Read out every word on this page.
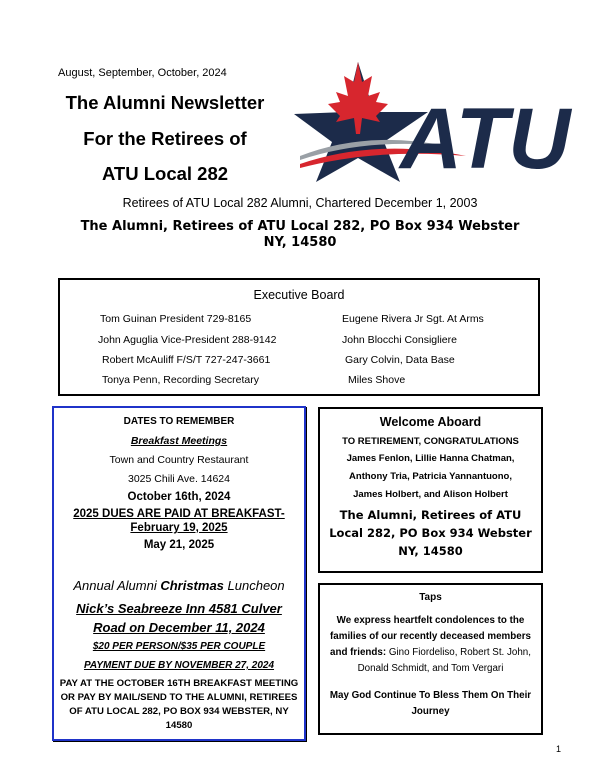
August, September, October, 2024
The Alumni Newsletter
For the Retirees of
ATU Local 282	ATU
Retirees of ATU Local 282 Alumni, Chartered December 1, 2003
The Alumni, Retirees of ATU Local 282, PO Box 934 Webster NY, 14580
Executive Board
Tom Guinan President 729-8165
John Aguglia Vice-President 288-9142
Robert McAuliff F/S/T 727-247-3661
Tonya Penn, Recording Secretary
Eugene Rivera Jr Sgt. At Arms
John Blocchi Consigliere
Gary Colvin, Data Base
Miles Shove
DATES TO REMEMBER
Breakfast Meetings
Town and Country Restaurant
3025 Chili Ave. 14624
October 16th, 2024
2025 DUES ARE PAID AT BREAKFAST-
February 19, 2025
May 21, 2025
Annual Alumni Christmas Luncheon
Nick’s Seabreeze Inn 4581 Culver Road on December 11, 2024
$20 PER PERSON/$35 PER COUPLE
PAYMENT DUE BY NOVEMBER 27, 2024
PAY AT THE OCTOBER 16TH BREAKFAST MEETING OR PAY BY MAIL/SEND TO THE ALUMNI, RETIREES OF ATU LOCAL 282, PO BOX 934 WEBSTER, NY 14580
Welcome Aboard
TO RETIREMENT, CONGRATULATIONS
James Fenlon, Lillie Hanna Chatman,
Anthony Tria, Patricia Yannantuono,
James Holbert, and Alison Holbert
The Alumni, Retirees of ATU Local 282, PO Box 934 Webster NY, 14580
Taps
We express heartfelt condolences to the families of our recently deceased members and friends: Gino Fiordeliso, Robert St. John, Donald Schmidt, and Tom Vergari
May God Continue To Bless Them On Their Journey
1
